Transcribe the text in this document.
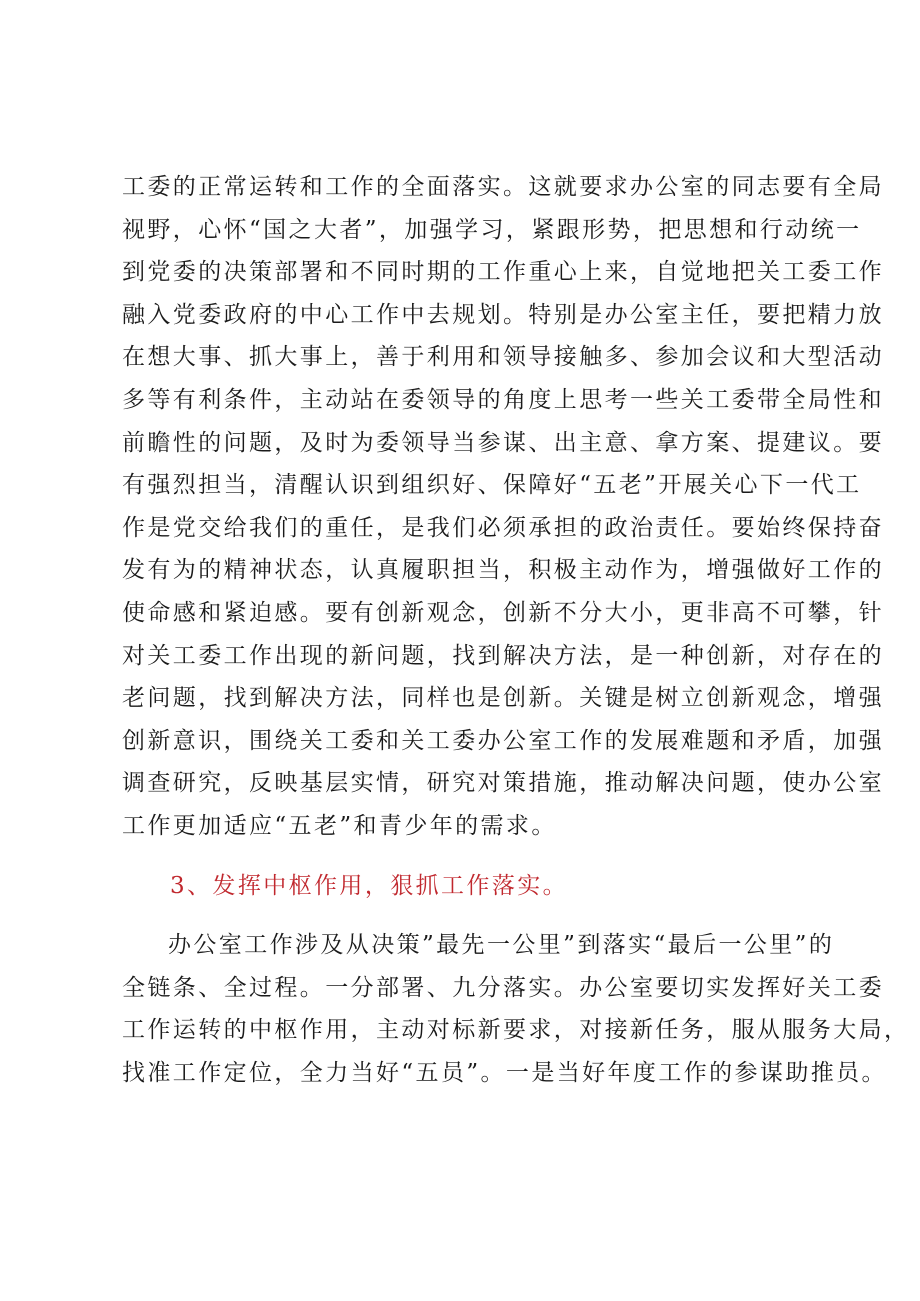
工委的正常运转和工作的全面落实。这就要求办公室的同志要有全局
视野，心怀“国之大者”，加强学习，紧跟形势，把思想和行动统一
到党委的决策部署和不同时期的工作重心上来，自觉地把关工委工作
融入党委政府的中心工作中去规划。特别是办公室主任，要把精力放
在想大事、抓大事上，善于利用和领导接触多、参加会议和大型活动
多等有利条件，主动站在委领导的角度上思考一些关工委带全局性和
前瞻性的问题，及时为委领导当参谋、出主意、拿方案、提建议。要
有强烈担当，清醒认识到组织好、保障好“五老”开展关心下一代工
作是党交给我们的重任，是我们必须承担的政治责任。要始终保持奋
发有为的精神状态，认真履职担当，积极主动作为，增强做好工作的
使命感和紧迫感。要有创新观念，创新不分大小，更非高不可攀，针
对关工委工作出现的新问题，找到解决方法，是一种创新，对存在的
老问题，找到解决方法，同样也是创新。关键是树立创新观念，增强
创新意识，围绕关工委和关工委办公室工作的发展难题和矛盾，加强
调查研究，反映基层实情，研究对策措施，推动解决问题，使办公室
工作更加适应“五老”和青少年的需求。
3、发挥中枢作用，狠抓工作落实。
办公室工作涉及从决策”最先一公里”到落实“最后一公里”的
全链条、全过程。一分部署、九分落实。办公室要切实发挥好关工委
工作运转的中枢作用，主动对标新要求，对接新任务，服从服务大局，
找准工作定位，全力当好“五员”。一是当好年度工作的参谋助推员。
